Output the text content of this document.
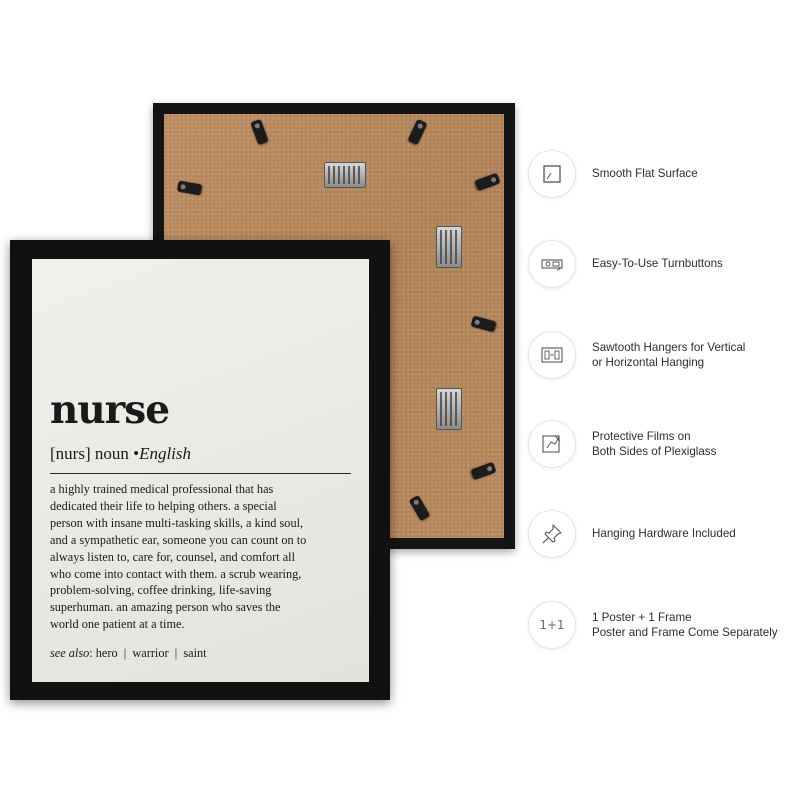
nurse
[nurs] noun •English
a highly trained medical professional that has
dedicated their life to helping others. a special
person with insane multi-tasking skills, a kind soul,
and a sympathetic ear, someone you can count on to
always listen to, care for, counsel, and comfort all
who come into contact with them. a scrub wearing,
problem-solving, coffee drinking, life-saving
superhuman. an amazing person who saves the
world one patient at a time.
see also: hero  |  warrior  |  saint
Smooth Flat Surface
Easy-To-Use Turnbuttons
Sawtooth Hangers for Vertical
or Horizontal Hanging
Protective Films on
Both Sides of Plexiglass
Hanging Hardware Included
1+1
1 Poster + 1 Frame
Poster and Frame Come Separately
